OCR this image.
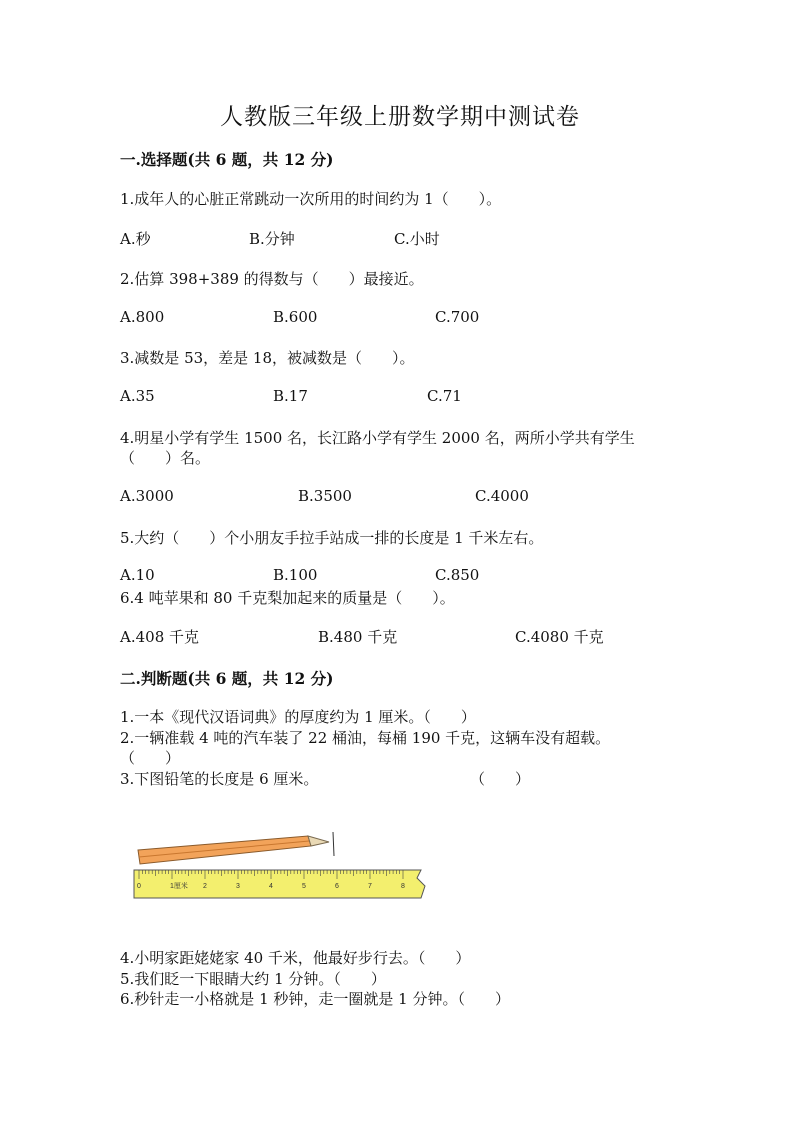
人教版三年级上册数学期中测试卷
一.选择题(共 6 题，共 12 分)
1.成年人的心脏正常跳动一次所用的时间约为 1（　　）。
A.秒	B.分钟	C.小时
2.估算 398+389 的得数与（　　）最接近。
A.800	B.600	C.700
3.减数是 53，差是 18，被减数是（　　）。
A.35	B.17	C.71
4.明星小学有学生 1500 名，长江路小学有学生 2000 名，两所小学共有学生
（　　）名。
A.3000	B.3500	C.4000
5.大约（　　）个小朋友手拉手站成一排的长度是 1 千米左右。
A.10	B.100	C.850
6.4 吨苹果和 80 千克梨加起来的质量是（　　）。
A.408 千克	B.480 千克	C.4080 千克
二.判断题(共 6 题，共 12 分)
1.一本《现代汉语词典》的厚度约为 1 厘米。（　　）
2.一辆准载 4 吨的汽车装了 22 桶油，每桶 190 千克，这辆车没有超载。
（　　）
3.下图铅笔的长度是 6 厘米。	（　　）
0	1厘米 2	3	4	5	6	7	8
4.小明家距姥姥家 40 千米，他最好步行去。（　　）
5.我们眨一下眼睛大约 1 分钟。（　　）
6.秒针走一小格就是 1 秒钟，走一圈就是 1 分钟。（　　）
